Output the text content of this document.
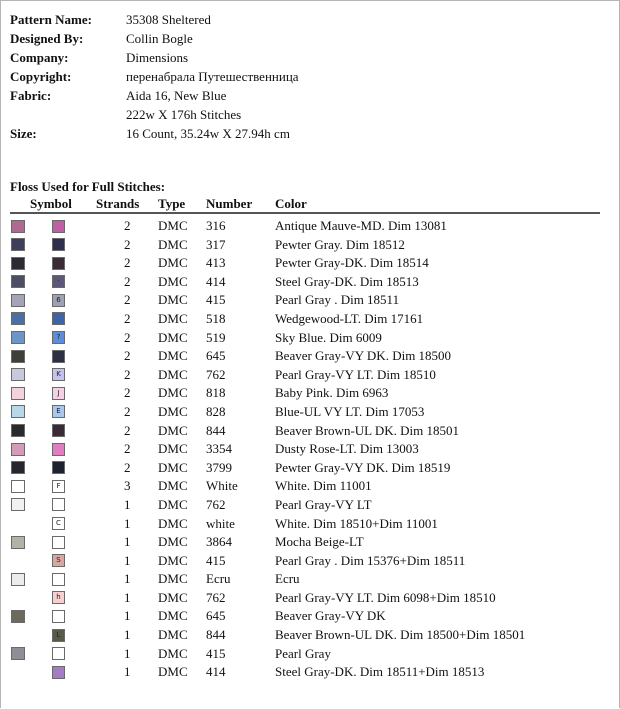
Pattern Name:	35308 Sheltered
Designed By:	Collin Bogle
Company:	Dimensions
Copyright:	перенабрала Путешественница
Fabric:	Aida 16, New Blue
222w X 176h Stitches
Size:	16 Count, 35.24w X 27.94h cm
Floss Used for Full Stitches:
Symbol Strands Type Number Color
2 DMC 316	Antique Mauve-MD. Dim 13081
·	2 DMC 317	Pewter Gray. Dim 18512
2 DMC 413	Pewter Gray-DK. Dim 18514
·	2 DMC 414	Steel Gray-DK. Dim 18513
6	2 DMC 415	Pearl Gray . Dim 18511
2 DMC 518	Wedgewood-LT. Dim 17161
?	2 DMC 519	Sky Blue. Dim 6009
2 DMC 645	Beaver Gray-VY DK. Dim 18500
K	2 DMC 762	Pearl Gray-VY LT. Dim 18510
J	2 DMC 818	Baby Pink. Dim 6963
E	2 DMC 828	Blue-UL VY LT. Dim 17053
2 DMC 844	Beaver Brown-UL DK. Dim 18501
2 DMC 3354	Dusty Rose-LT. Dim 13003
2 DMC 3799	Pewter Gray-VY DK. Dim 18519
F	3 DMC White	White. Dim 11001
1 DMC 762	Pearl Gray-VY LT
C	1 DMC white	White. Dim 18510+Dim 11001
1 DMC 3864	Mocha Beige-LT
S	1 DMC 415	Pearl Gray . Dim 15376+Dim 18511
1 DMC Ecru	Ecru
h	1 DMC 762	Pearl Gray-VY LT. Dim 6098+Dim 18510
1 DMC 645	Beaver Gray-VY DK
L	1 DMC 844	Beaver Brown-UL DK. Dim 18500+Dim 18501
1 DMC 415	Pearl Gray
1 DMC 414	Steel Gray-DK. Dim 18511+Dim 18513
